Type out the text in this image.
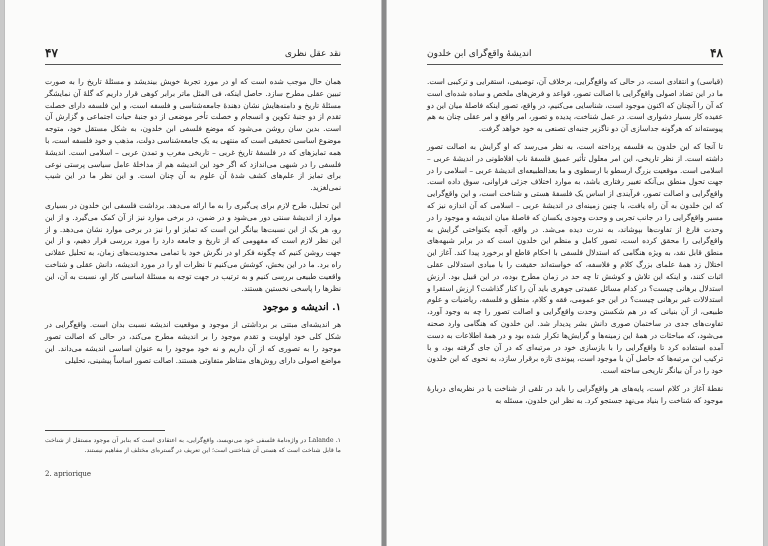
۴۷	نقد عقل نظری

همان حال موجب شده است که او در مورد تجربهٔ خویش بیندیشد و مسئلهٔ تاریخ را به صورت تبیین عقلی مطرح سازد. حاصل اینکه، فی المثل ماتر برابر کوهی قرار داریم که گلهٔ آن نمایشگر مسئلهٔ تاریخ و دامنه‌هایش نشان دهندهٔ جامعه‌شناسی و فلسفه است، و این فلسفه دارای خصلت تقدم از دو جنبهٔ تکوین و انسجام و خصلت تأخر موضعی از دو جنبهٔ حیات اجتماعی و گزارش آن است. بدین سان روشن می‌شود که موضع فلسفی ابن خلدون، به شکل مستقل خود، متوجه موضوع اساسی تحقیقی است که منتهی به یک جامعه‌شناسی دولت، مذهب و خود فلسفه است، با همه تمایزهای که در فلسفهٔ تاریخ غربی – تاریخی مغرب و تمدن عربی – اسلامی است. اندیشهٔ فلسفی را در شبهی می‌اندازد که اگر خود این اندیشه هم از مداخلهٔ عامل سیاسی پرستی نوعی برای تمایز از علم‌های کشف شدهٔ آن علوم به آن چنان است. و این نظر ما در این شیب نمی‌لغزید.

این تحلیل، طرح لازم برای پی‌گیری را به ما ارائه می‌دهد. برداشت فلسفی ابن خلدون در بسیاری موارد از اندیشهٔ سنتی دور می‌شود و در ضمن، در برخی موارد نیز از آن کمک می‌گیرد. و از این رو، هر یک از این نسبت‌ها بیانگر این است که تمایز او را نیز در برخی موارد نشان می‌دهد. و از این نظر لازم است که مفهومی که از تاریخ و جامعه دارد را مورد بررسی قرار دهیم، و از این جهت روشن کنیم که چگونه فکر او در نگرش خود با تمامی محدودیت‌های زمان، به تحلیل عقلانی راه برد. ما در این بخش، کوشش می‌کنیم تا نظرات او را در مورد اندیشه، دانش عقلی و شناخت واقعیت طبیعی بررسی کنیم و به ترتیب در جهت توجه به مسئلهٔ اساسی کار او، نسبت به آن، این نظرها را پاسخی نخستین هستند.

۱. اندیشه و موجود

هر اندیشه‌ای مبتنی بر برداشتی از موجود و موقعیت اندیشه نسبت بدان است. واقع‌گرایی در شکل کلی خود اولویت و تقدم موجود را بر اندیشه مطرح می‌کند، در حالی که اصالت تصور موجود را به تصوری که از آن داریم و نه خود موجود را به عنوان اساسی اندیشه می‌داند. این مواضع اصولی دارای روش‌های متناظر متفاوتی هستند. اصالت تصور اساساً پیشینی، تحلیلی

۱. Lalande در واژه‌نامهٔ فلسفی خود می‌نویسد، واقع‌گرایی، به اعتقادی است که بنابر آن موجود مستقل از شناخت ما قابل شناخت است که هستی آن شناختنی است؛ این تعریف در گستره‌ای مختلف از مفاهیم نیستند.
2. apriorique
۴۸
اندیشهٔ واقع‌گرای ابن خلدون

(قیاسی) و انتقادی است، در حالی که واقع‌گرایی، برخلاف آن، توصیفی، استقرایی و ترکیبی است. ما در این تضاد اصولی واقع‌گرایی با اصالت تصور، قواعد و فرض‌های ملخص و ساده شده‌ای است که آن را آنچنان که اکنون موجود است، شناسایی می‌کنیم، در واقع، تصور اینکه فاصلهٔ میان این دو عقیده کار بسیار دشواری است. در عمل شناخت، پدیده و تصور، امر واقع و امر عقلی چنان به هم پیوسته‌اند که هرگونه جداسازی آن دو ناگزیر جنبه‌ای تصنعی به خود خواهد گرفت.

تا آنجا که این خلدون به فلسفه پرداخته است، به نظر می‌رسد که او گرایش به اصالت تصور داشته است. از نظر تاریخی، این امر معلول تأثیر عمیق فلسفهٔ ناب افلاطونی در اندیشهٔ عربی – اسلامی است. موقعیت بزرگ ارسطو با ارسطوی و ما بعدالطبیعه‌ای اندیشهٔ عربی – اسلامی را در جهت تحول منطق بی‌آنکه تغییر رفتاری باشد، به موارد اختلاف جزئی فراوانی، سوق داده است. واقع‌گرایی و اصالت تصور، فرآیندی از اساس یک فلسفهٔ هستی و شناخت است، و این واقع‌گرایی که این خلدون به آن راه یافت، با چنین زمینه‌ای در اندیشهٔ عربی – اسلامی که آن اندازه نیز که مسیر واقع‌گرایی را در جانب تجربی و وحدت وجودی یکسان که فاصلهٔ میان اندیشه و موجود را در وحدت فارغ از تفاوت‌ها بپوشاند، به ندرت دیده می‌شد. در واقع، آنچه یکنواختی گرایش به واقع‌گرایی را محقق کرده است، تصور کامل و منظم این خلدون است که در برابر شبهه‌های منطق قابل نقد، به ویژه هنگامی که استدلال فلسفی با احکام قاطع او برخورد پیدا کند. آغاز این اختلال زد همهٔ علمای بزرگ کلام و فلاسفه، که خواسته‌اند حقیقت را با مبادی استدلالی عقلی اثبات کنند، و اینکه این تلاش و کوشش تا چه حد در زمان مطرح بوده، در این قبیل بود. ارزش استدلال برهانی چیست؟ در کدام مسائل عقیدتی جوهری باید آن را کنار گذاشت؟ ارزش استقرا و استدلالات غیر برهانی چیست؟ در این جو عمومی، فقه و کلام، منطق و فلسفه، ریاضیات و علوم طبیعی، از آن بنیانی که در هم شکستن وحدت واقع‌گرایی و اصالت تصور را چه به وجود آورد، تفاوت‌های جدی در ساختمان صوری دانش بشر پدیدار شد. این خلدون که هنگامی وارد صحنه می‌شود، که مباحثات در همهٔ این زمینه‌ها و گرایش‌ها تکرار شده بود و در همهٔ اطلاعات به دست آمده استفاده کرد تا واقع‌گرایی را با بازسازی خود در مرتبه‌ای که در آن جای گرفته بود، و با ترکیب این مرتبه‌ها که حاصل آن با موجود است، پیوندی تازه برقرار سازد، به نحوی که این خلدون خود را در آن بیانگر تاریخی ساخته است.

نقطهٔ آغاز در کلام است، پایه‌های هر واقع‌گرایی را باید در تلقی از شناخت یا در نظریه‌ای دربارهٔ موجود که شناخت را بنیاد می‌نهد جستجو کرد. به نظر این خلدون، مسئله به
